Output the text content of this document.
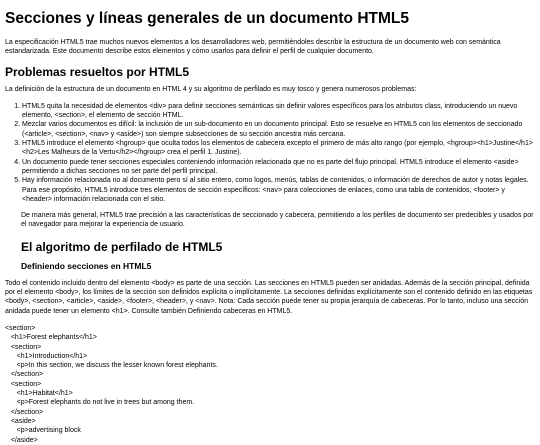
Secciones y líneas generales de un documento HTML5

La especificación HTML5 trae muchos nuevos elementos a los desarrolladores web, permitiéndoles describir la estructura de un documento web con semántica estandarizada. Este documento describe estos elementos y cómo usarlos para definir el perfil de cualquier documento.

Problemas resueltos por HTML5

La definición de la estructura de un documento en HTML 4 y su algoritmo de perfilado es muy tosco y genera numerosos problemas:

1. HTML5 quita la necesidad de elementos <div> para definir secciones semánticas sin definir valores específicos para los atributos class, introduciendo un nuevo elemento, <section>, el elemento de sección HTML.
2. Mezclar varios documentos es difícil: la inclusión de un sub-documento en un documento principal. Esto se resuelve en HTML5 con los elementos de seccionado (<article>, <section>, <nav> y <aside>) son siempre subsecciones de su sección ancestra más cercana.
3. HTML5 introduce el elemento <hgroup> que oculta todos los elementos de cabecera excepto el primero de más alto rango (por ejemplo, <hgroup><h1>Justine</h1><h2>Les Malheurs de la Vertu</h2></hgroup> crea el perfil 1. Justine).
4. Un documento puede tener secciones especiales conteniendo información relacionada que no es parte del flujo principal. HTML5 introduce el elemento <aside> permitiendo a dichas secciones no ser parte del perfil principal.
5. Hay información relacionada no al documento pero sí al sitio entero, como logos, menús, tablas de contenidos, o información de derechos de autor y notas legales. Para ese propósito, HTML5 introduce tres elementos de sección específicos: <nav> para colecciones de enlaces, como una tabla de contenidos, <footer> y <header> información relacionada con el sitio.

De manera más general, HTML5 trae precisión a las características de seccionado y cabecera, permitiendo a los perfiles de documento ser predecibles y usados por el navegador para mejorar la experiencia de usuario.

El algoritmo de perfilado de HTML5
Definiendo secciones en HTML5

Todo el contenido incluido dentro del elemento <body> es parte de una sección. Las secciones en HTML5 pueden ser anidadas. Además de la sección principal, definida por el elemento <body>, los límites de la sección son definidos explícita o implícitamente. La secciones definidas explícitamente son el contenido definido en las etiquetas <body>, <section>, <article>, <aside>, <footer>, <header>, y <nav>. Nota: Cada sección puede tener su propia jerarquía de cabeceras. Por lo tanto, incluso una sección anidada puede tener un elemento <h1>. Consulte también Definiendo cabeceras en HTML5.

<section>
<h1>Forest elephants</h1>
<section>
<h1>Introduction</h1>
<p>In this section, we discuss the lesser known forest elephants.
</section>
<section>
<h1>Habitat</h1>
<p>Forest elephants do not live in trees but among them.
</section>
<aside>
<p>advertising block
</aside>
